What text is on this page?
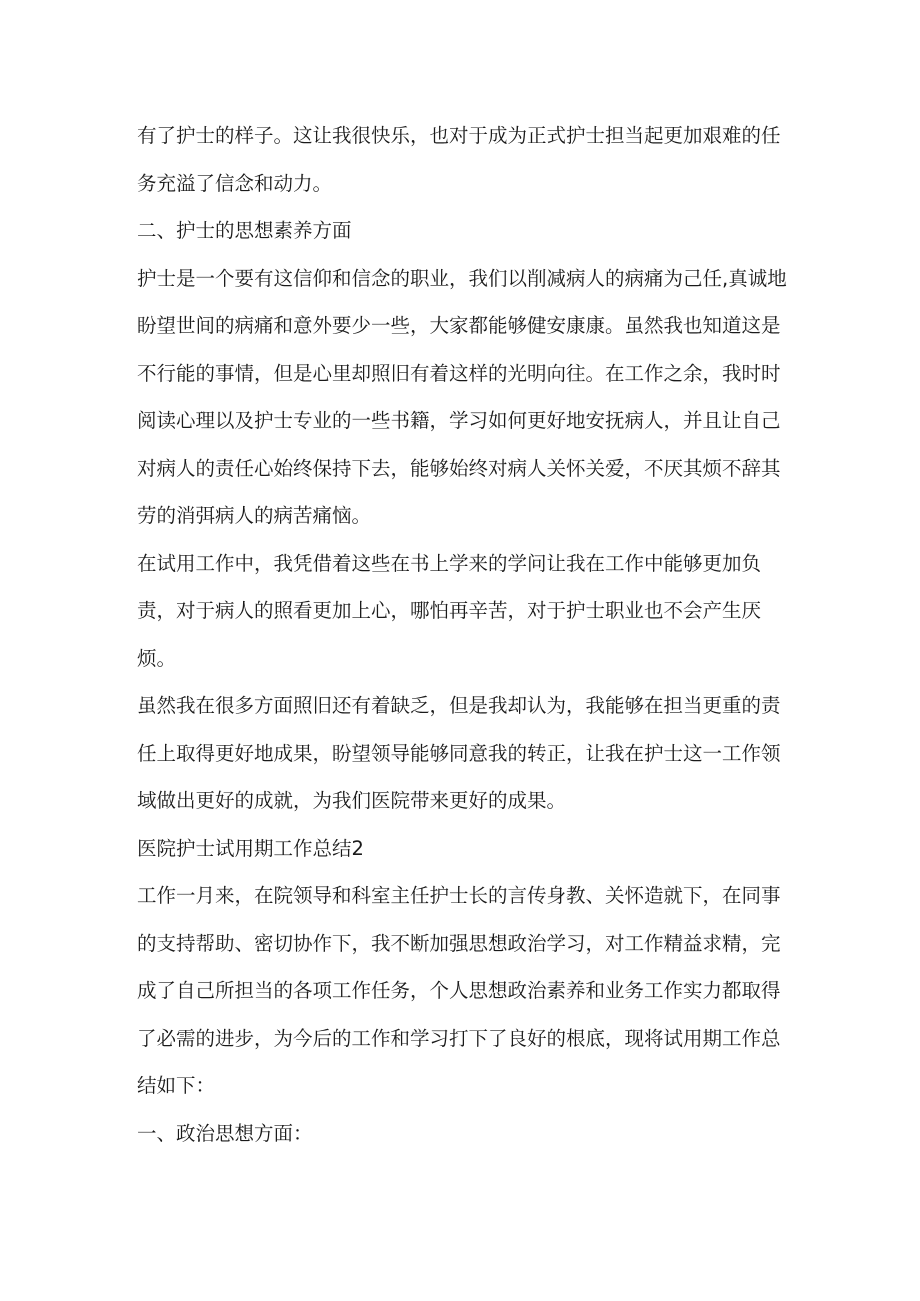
有了护士的样子。这让我很快乐，也对于成为正式护士担当起更加艰难的任务充溢了信念和动力。

二、护士的思想素养方面

护士是一个要有这信仰和信念的职业，我们以削减病人的病痛为己任,真诚地盼望世间的病痛和意外要少一些，大家都能够健安康康。虽然我也知道这是不行能的事情，但是心里却照旧有着这样的光明向往。在工作之余，我时时阅读心理以及护士专业的一些书籍，学习如何更好地安抚病人，并且让自己对病人的责任心始终保持下去，能够始终对病人关怀关爱，不厌其烦不辞其劳的消弭病人的病苦痛恼。

在试用工作中，我凭借着这些在书上学来的学问让我在工作中能够更加负责，对于病人的照看更加上心，哪怕再辛苦，对于护士职业也不会产生厌烦。

虽然我在很多方面照旧还有着缺乏，但是我却认为，我能够在担当更重的责任上取得更好地成果，盼望领导能够同意我的转正，让我在护士这一工作领域做出更好的成就，为我们医院带来更好的成果。

医院护士试用期工作总结2

工作一月来，在院领导和科室主任护士长的言传身教、关怀造就下，在同事的支持帮助、密切协作下，我不断加强思想政治学习，对工作精益求精，完成了自己所担当的各项工作任务，个人思想政治素养和业务工作实力都取得了必需的进步，为今后的工作和学习打下了良好的根底，现将试用期工作总结如下：

一、政治思想方面：
